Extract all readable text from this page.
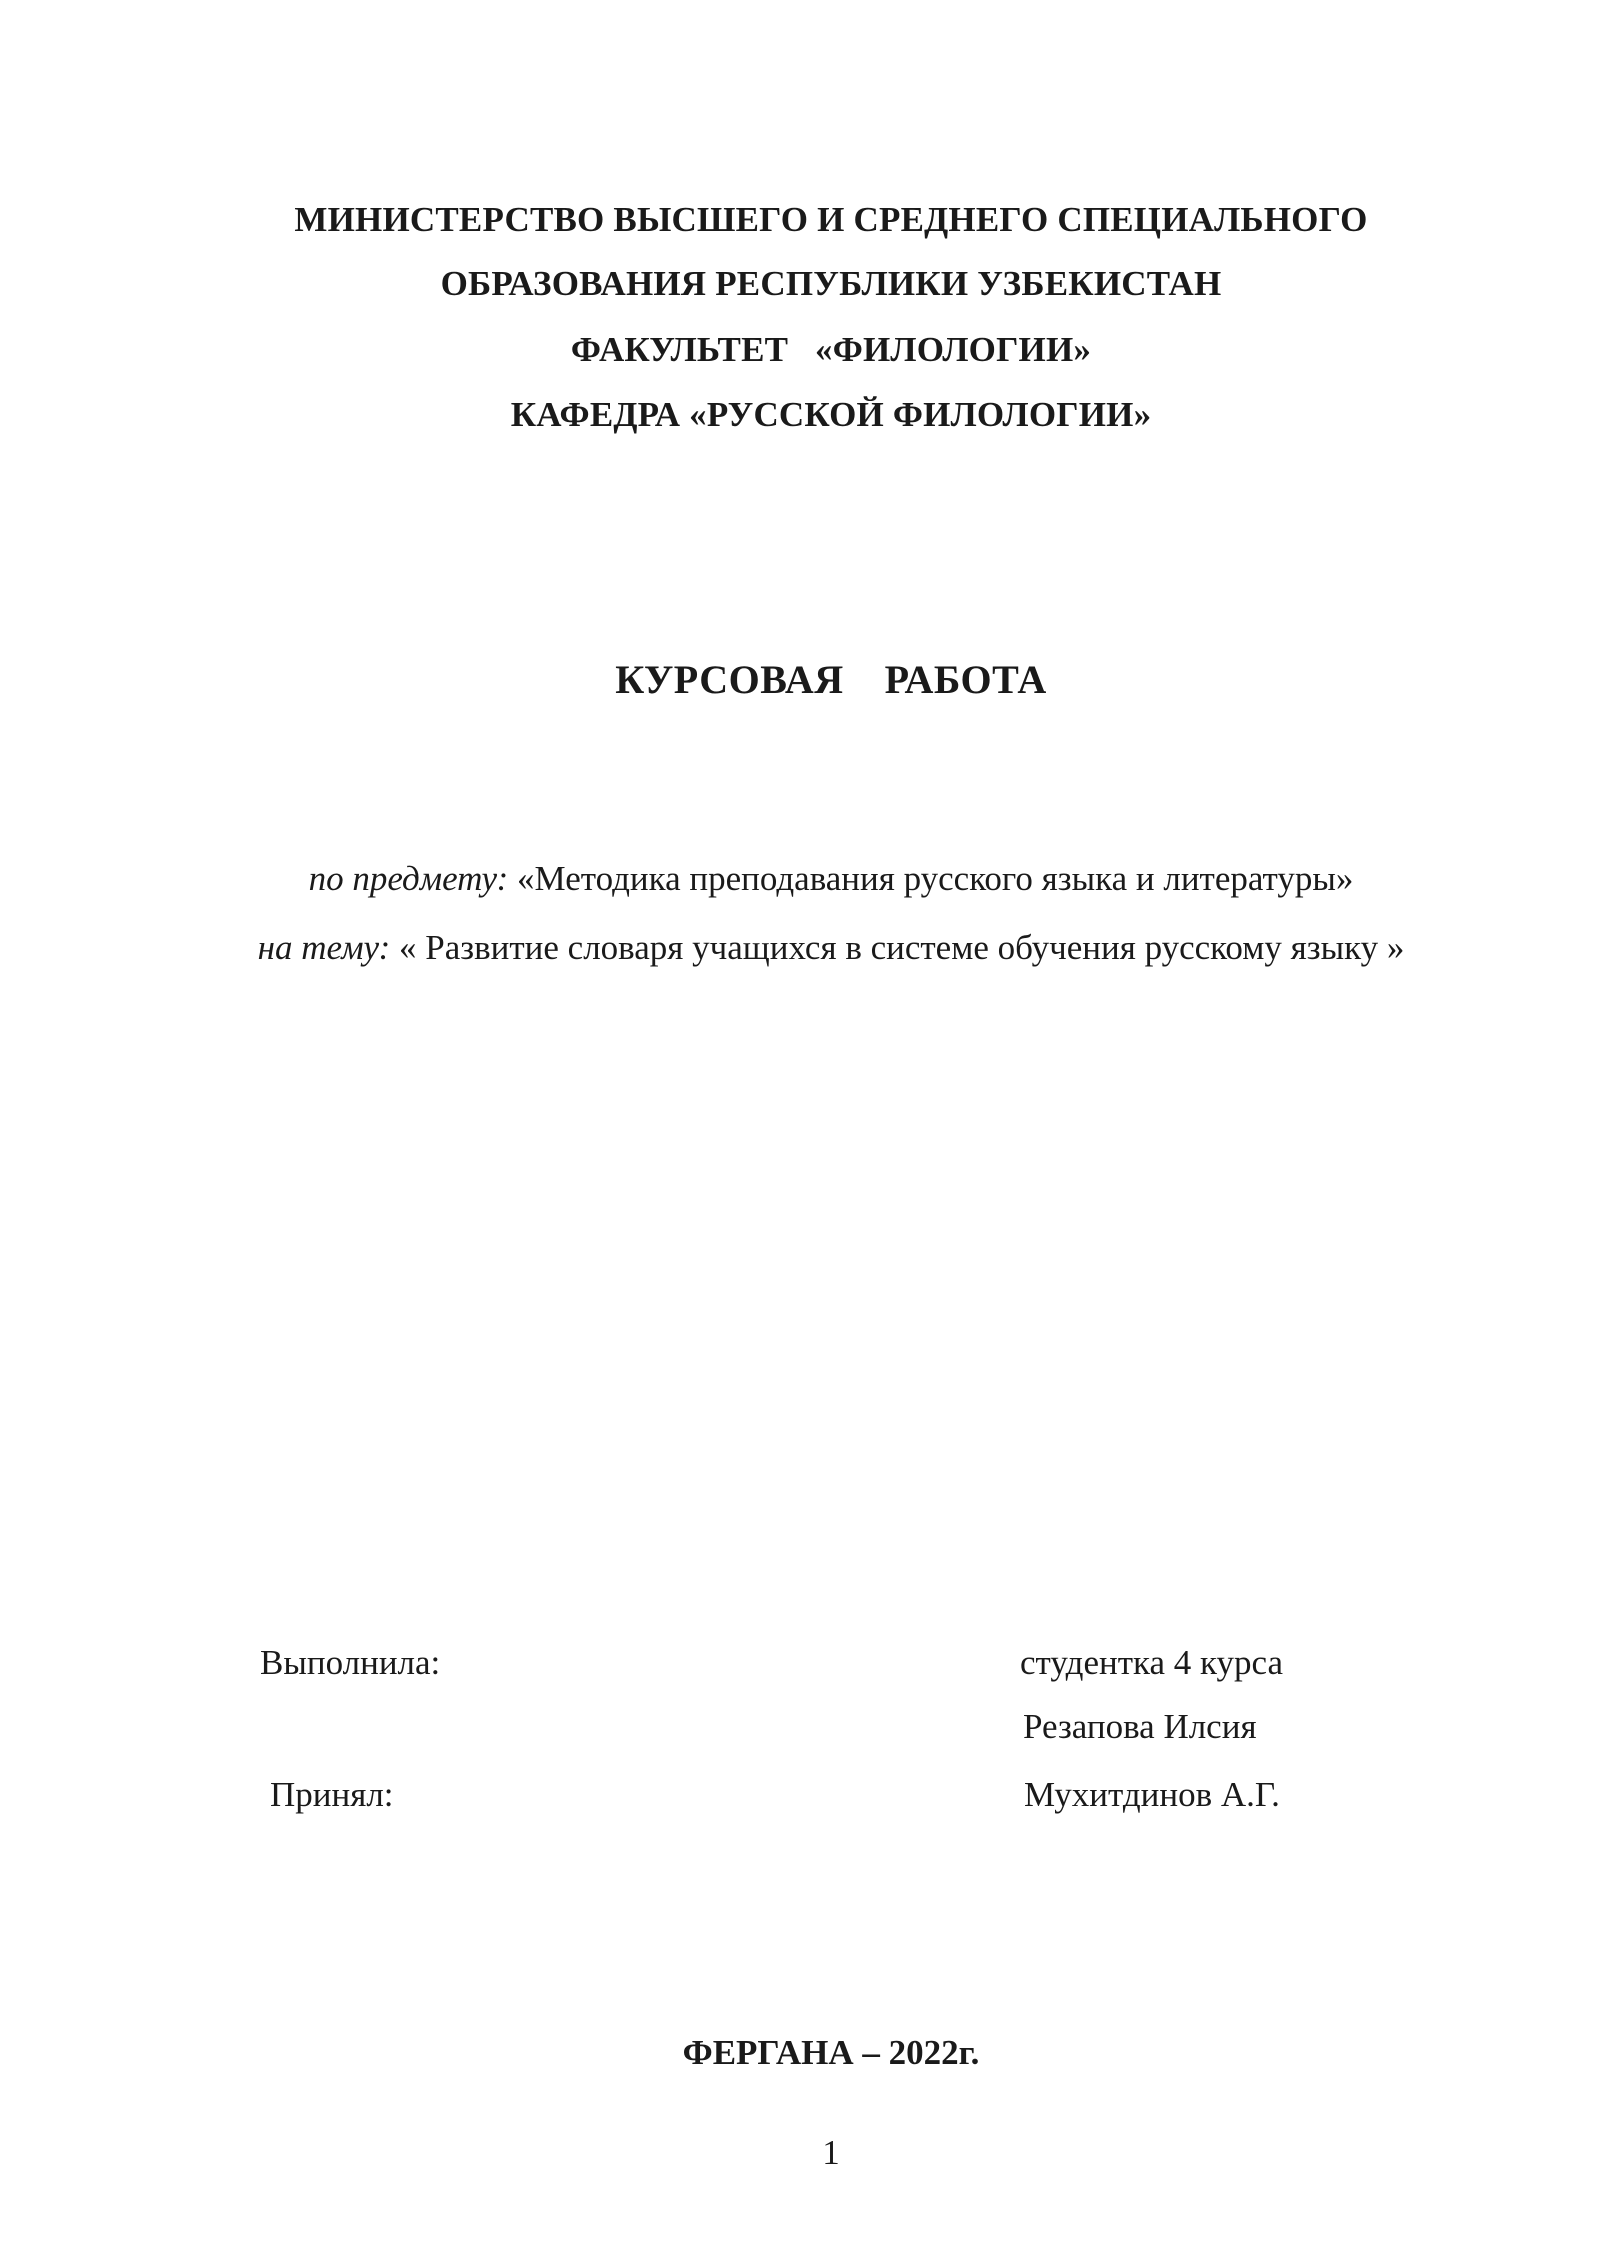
МИНИСТЕРСТВО ВЫСШЕГО И СРЕДНЕГО СПЕЦИАЛЬНОГО
ОБРАЗОВАНИЯ РЕСПУБЛИКИ УЗБЕКИСТАН
ФАКУЛЬТЕТ   «ФИЛОЛОГИИ»
КАФЕДРА «РУССКОЙ ФИЛОЛОГИИ»
КУРСОВАЯ  РАБОТА
по предмету: «Методика преподавания русского языка и литературы»
на тему: « Развитие словаря учащихся в системе обучения русскому языку »
Выполнила:	студентка 4 курса
Резапова Илсия
Принял:	Мухитдинов А.Г.
ФЕРГАНА – 2022г.
1
